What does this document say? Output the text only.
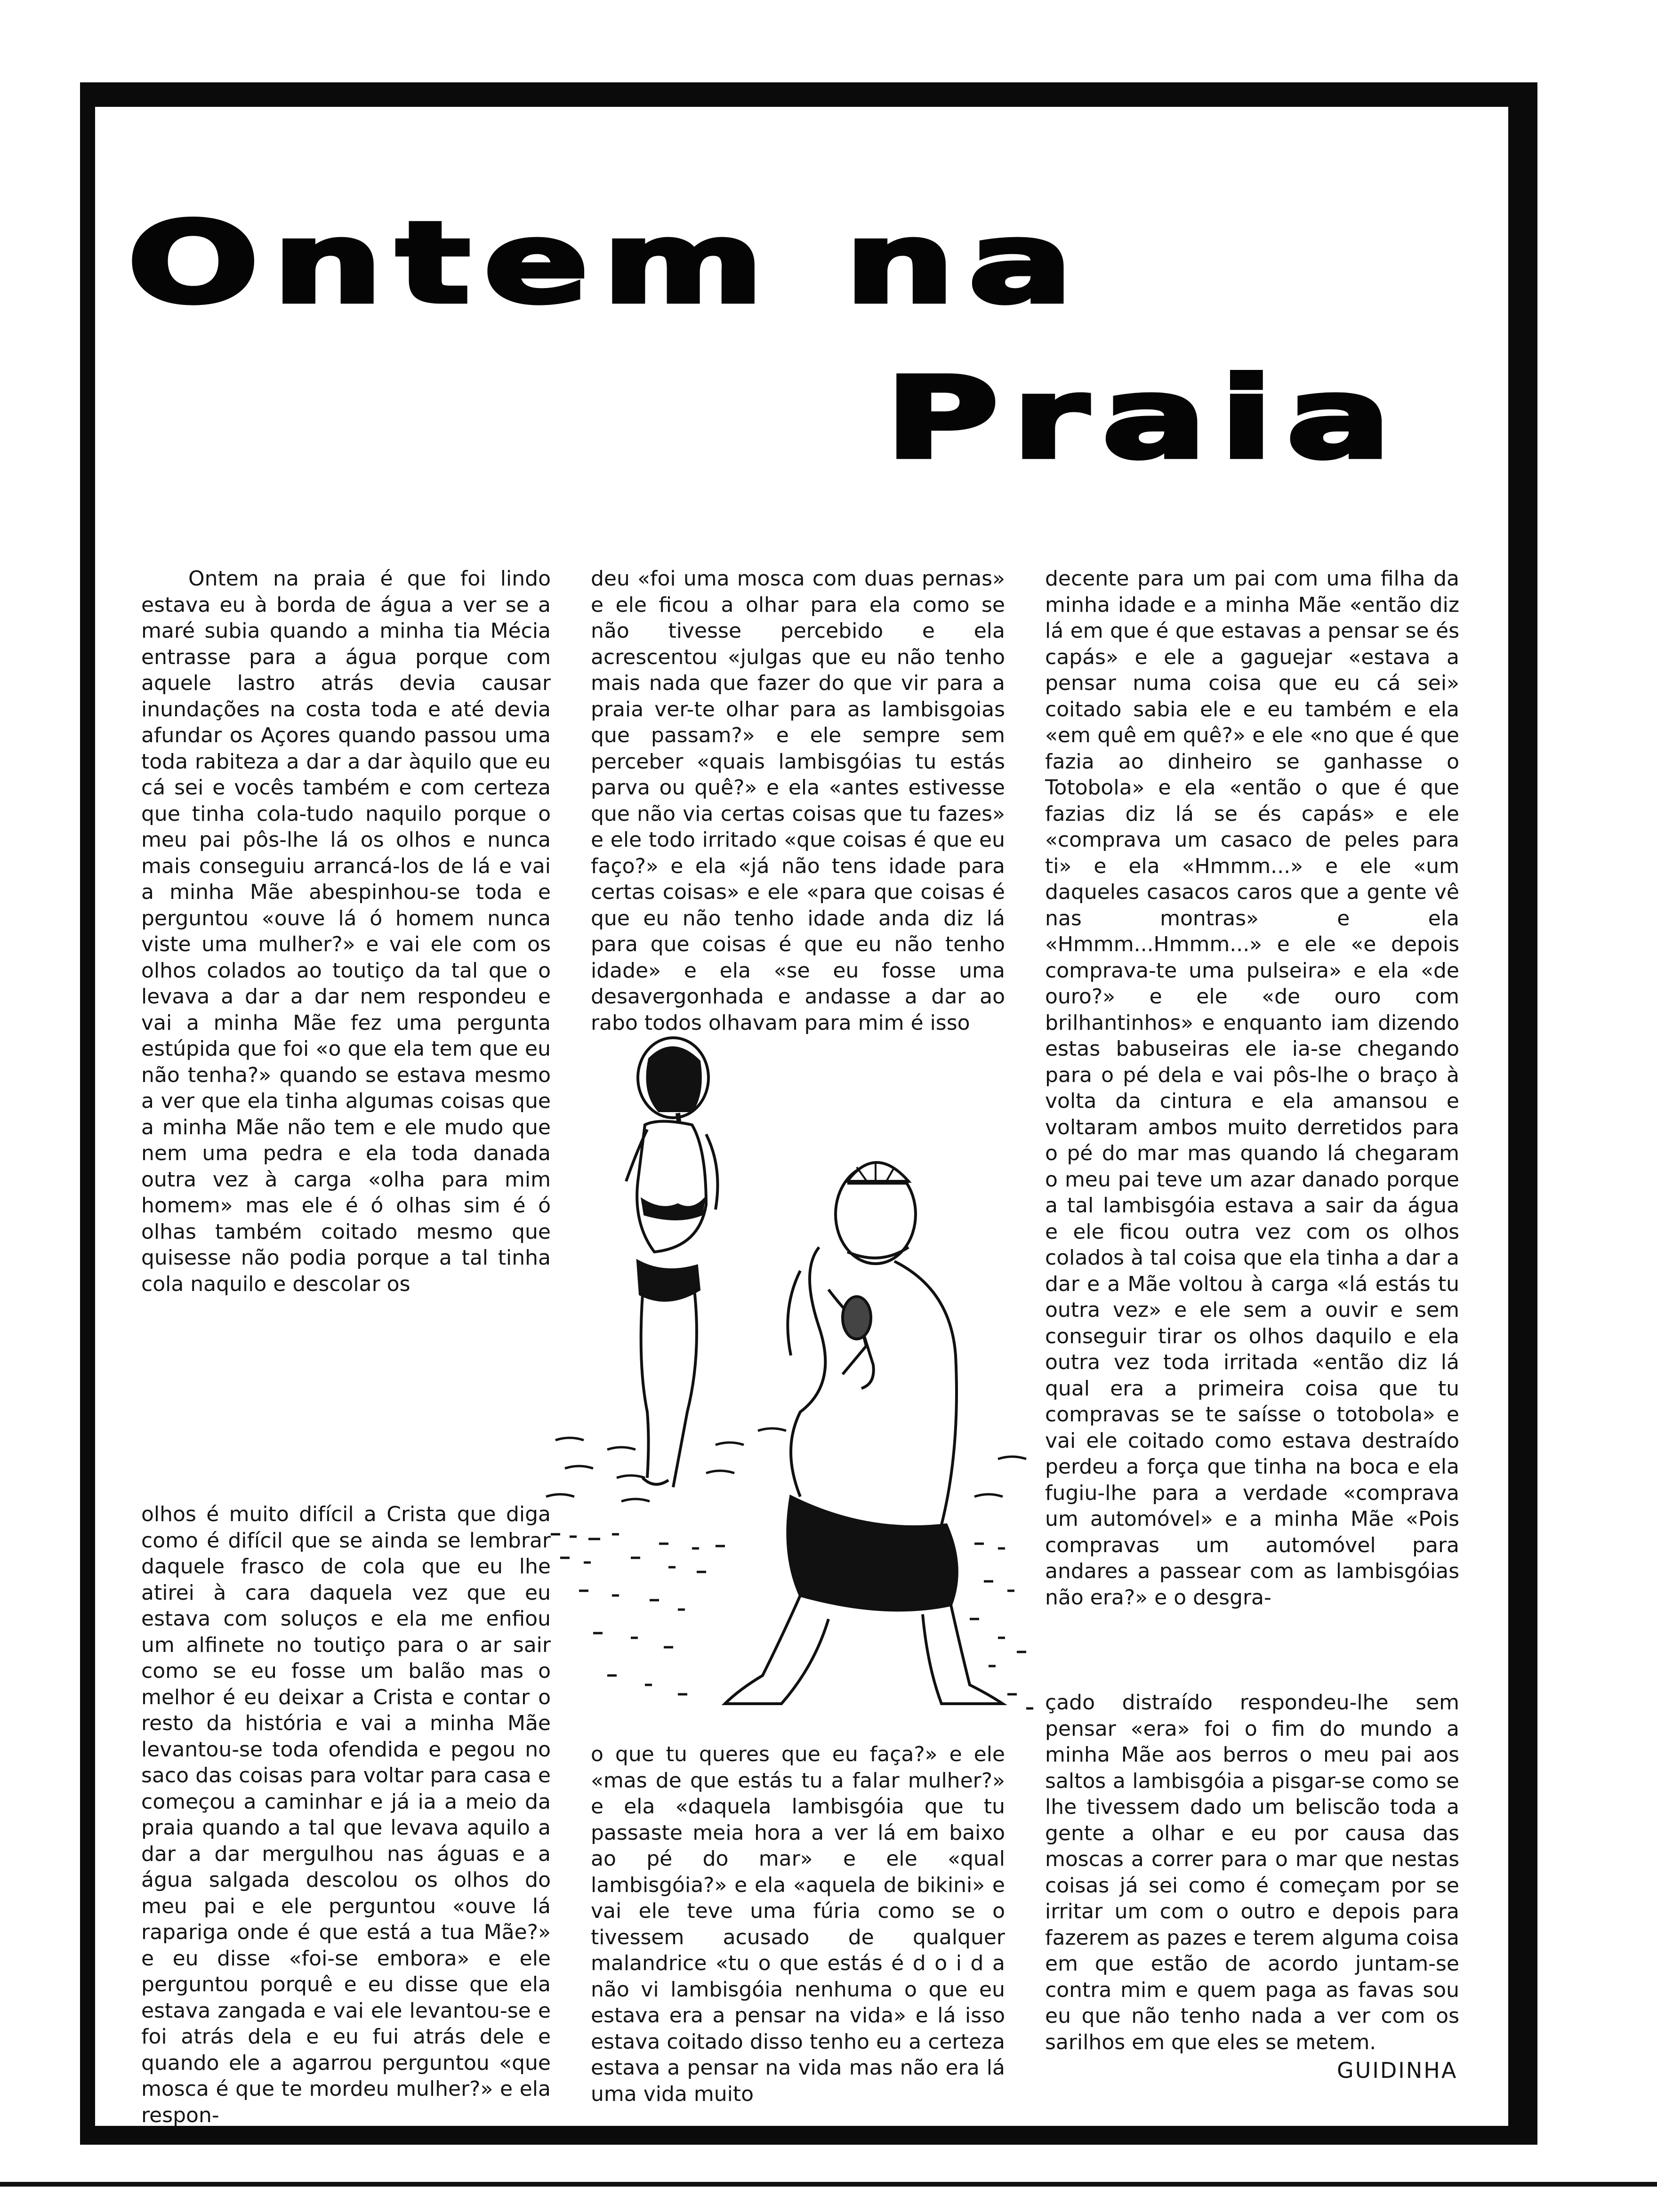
Ontem na
Praia

Ontem na praia é que foi lindo estava eu à borda de água a ver se a maré subia quando a minha tia Mécia entrasse para a água porque com aquele lastro atrás devia causar inundações na costa toda e até devia afundar os Açores quando passou uma toda rabiteza a dar a dar àquilo que eu cá sei e vocês também e com certeza que tinha cola-tudo naquilo porque o meu pai pôs-lhe lá os olhos e nunca mais conseguiu arrancá-los de lá e vai a minha Mãe abespinhou-se toda e perguntou «ouve lá ó homem nunca viste uma mulher?» e vai ele com os olhos colados ao toutiço da tal que o levava a dar a dar nem respondeu e vai a minha Mãe fez uma pergunta estúpida que foi «o que ela tem que eu não tenha?» quando se estava mesmo a ver que ela tinha algumas coisas que a minha Mãe não tem e ele mudo que nem uma pedra e ela toda danada outra vez à carga «olha para mim homem» mas ele é ó olhas sim é ó olhas também coitado mesmo que quisesse não podia porque a tal tinha cola naquilo e descolar os

olhos é muito difícil a Crista que diga como é difícil que se ainda se lembrar daquele frasco de cola que eu lhe atirei à cara daquela vez que eu estava com soluços e ela me enfiou um alfinete no toutiço para o ar sair como se eu fosse um balão mas o melhor é eu deixar a Crista e contar o resto da história e vai a minha Mãe levantou-se toda ofendida e pegou no saco das coisas para voltar para casa e começou a caminhar e já ia a meio da praia quando a tal que levava aquilo a dar a dar mergulhou nas águas e a água salgada descolou os olhos do meu pai e ele perguntou «ouve lá rapariga onde é que está a tua Mãe?» e eu disse «foi-se embora» e ele perguntou porquê e eu disse que ela estava zangada e vai ele levantou-se e foi atrás dela e eu fui atrás dele e quando ele a agarrou perguntou «que mosca é que te mordeu mulher?» e ela respon-

deu «foi uma mosca com duas pernas» e ele ficou a olhar para ela como se não tivesse percebido e ela acrescentou «julgas que eu não tenho mais nada que fazer do que vir para a praia ver-te olhar para as lambisgoias que passam?» e ele sempre sem perceber «quais lambisgóias tu estás parva ou quê?» e ela «antes estivesse que não via certas coisas que tu fazes» e ele todo irritado «que coisas é que eu faço?» e ela «já não tens idade para certas coisas» e ele «para que coisas é que eu não tenho idade anda diz lá para que coisas é que eu não tenho idade» e ela «se eu fosse uma desavergonhada e andasse a dar ao rabo todos olhavam para mim é isso

o que tu queres que eu faça?» e ele «mas de que estás tu a falar mulher?» e ela «daquela lambisgóia que tu passaste meia hora a ver lá em baixo ao pé do mar» e ele «qual lambisgóia?» e ela «aquela de bikini» e vai ele teve uma fúria como se o tivessem acusado de qualquer malandrice «tu o que estás é d o i d a não vi lambisgóia nenhuma o que eu estava era a pensar na vida» e lá isso estava coitado disso tenho eu a certeza estava a pensar na vida mas não era lá uma vida muito

decente para um pai com uma filha da minha idade e a minha Mãe «então diz lá em que é que estavas a pensar se és capás» e ele a gaguejar «estava a pensar numa coisa que eu cá sei» coitado sabia ele e eu também e ela «em quê em quê?» e ele «no que é que fazia ao dinheiro se ganhasse o Totobola» e ela «então o que é que fazias diz lá se és capás» e ele «comprava um casaco de peles para ti» e ela «Hmmm...» e ele «um daqueles casacos caros que a gente vê nas montras» e ela «Hmmm...Hmmm...» e ele «e depois comprava-te uma pulseira» e ela «de ouro?» e ele «de ouro com brilhantinhos» e enquanto iam dizendo estas babuseiras ele ia-se chegando para o pé dela e vai pôs-lhe o braço à volta da cintura e ela amansou e voltaram ambos muito derretidos para o pé do mar mas quando lá chegaram o meu pai teve um azar danado porque a tal lambisgóia estava a sair da água e ele ficou outra vez com os olhos colados à tal coisa que ela tinha a dar a dar e a Mãe voltou à carga «lá estás tu outra vez» e ele sem a ouvir e sem conseguir tirar os olhos daquilo e ela outra vez toda irritada «então diz lá qual era a primeira coisa que tu compravas se te saísse o totobola» e vai ele coitado como estava destraído perdeu a força que tinha na boca e ela fugiu-lhe para a verdade «comprava um automóvel» e a minha Mãe «Pois compravas um automóvel para andares a passear com as lambisgóias não era?» e o desgra-

çado distraído respondeu-lhe sem pensar «era» foi o fim do mundo a minha Mãe aos berros o meu pai aos saltos a lambisgóia a pisgar-se como se lhe tivessem dado um beliscão toda a gente a olhar e eu por causa das moscas a correr para o mar que nestas coisas já sei como é começam por se irritar um com o outro e depois para fazerem as pazes e terem alguma coisa em que estão de acordo juntam-se contra mim e quem paga as favas sou eu que não tenho nada a ver com os sarilhos em que eles se metem.

GUIDINHA
